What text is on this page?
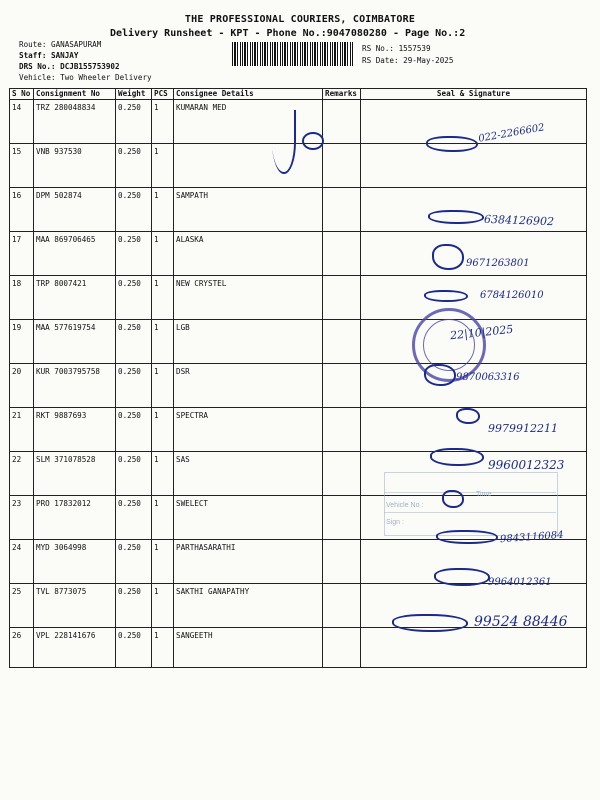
THE PROFESSIONAL COURIERS, COIMBATORE
Delivery Runsheet - KPT - Phone No.:9047080280 - Page No.:2
Route: GANASAPURAM
Staff: SANJAY
DRS No.: DCJB155753902
Vehicle: Two Wheeler Delivery
RS No.: 1557539
RS Date: 29-May-2025
S No	Consignment No	Weight	PCS	Consignee Details	Remarks	Seal & Signature
14	TRZ 280048834	0.250	1	KUMARAN MED		
15	VNB 937530	0.250	1			
16	DPM 502874	0.250	1	SAMPATH		
17	MAA 869706465	0.250	1	ALASKA		
18	TRP 8007421	0.250	1	NEW CRYSTEL		
19	MAA 577619754	0.250	1	LGB		
20	KUR 7003795758	0.250	1	DSR		
21	RKT 9887693	0.250	1	SPECTRA		
22	SLM 371078528	0.250	1	SAS		
23	PRO 17832012	0.250	1	SWELECT		
24	MYD 3064998	0.250	1	PARTHASARATHI		
25	TVL 8773075	0.250	1	SAKTHI GANAPATHY		
26	VPL 228141676	0.250	1	SANGEETH		
Vehicle No :
Sign :
Time
022-2266602
6384126902
9671263801
6784126010
22|10|2025
9870063316
9979912211
9960012323
9843116084
9964012361
99524 88446
